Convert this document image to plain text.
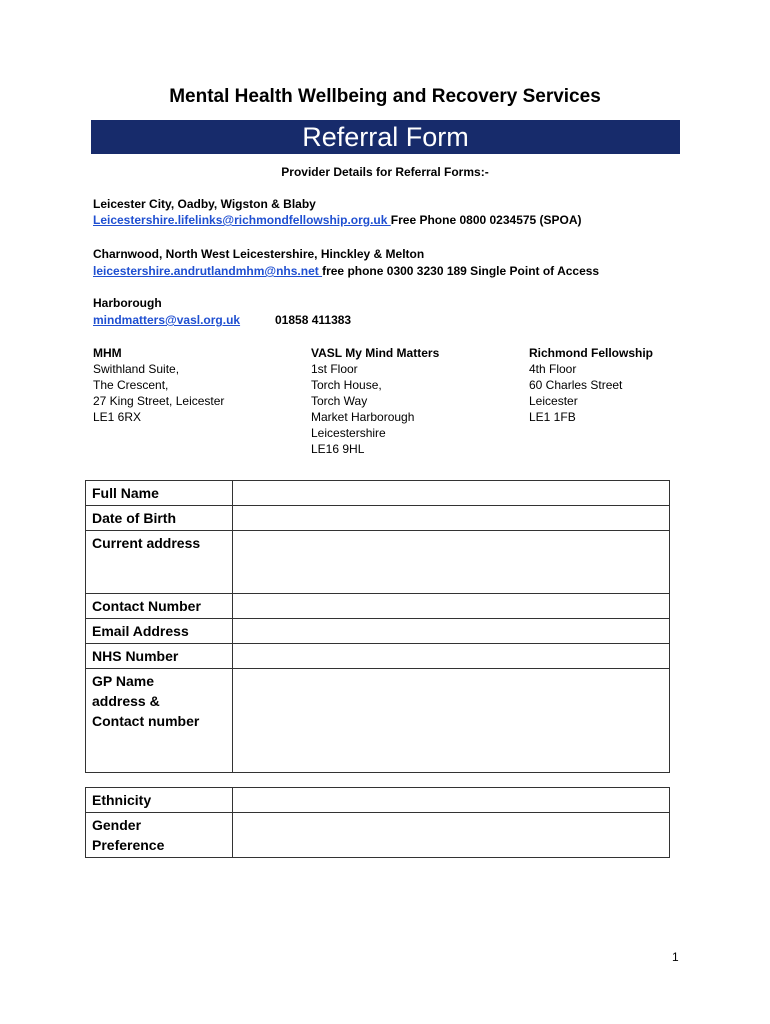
Mental Health Wellbeing and Recovery Services
Referral Form
Provider Details for Referral Forms:-
Leicester City, Oadby, Wigston & Blaby
Leicestershire.lifelinks@richmondfellowship.org.uk Free Phone 0800 0234575 (SPOA)
Charnwood, North West Leicestershire, Hinckley & Melton
leicestershire.andrutlandmhm@nhs.net free phone 0300 3230 189 Single Point of Access
Harborough
mindmatters@vasl.org.uk	01858 411383
MHM
Swithland Suite,
The Crescent,
27 King Street, Leicester
LE1 6RX
VASL My Mind Matters
1st Floor
Torch House,
Torch Way
Market Harborough
Leicestershire
LE16 9HL
Richmond Fellowship
4th Floor
60 Charles Street
Leicester
LE1 1FB
Full Name	
Date of Birth	
Current address	
Contact Number	
Email Address	
NHS Number	

GP Name
address &
Contact number	

Ethnicity	

Gender
Preference	

1
